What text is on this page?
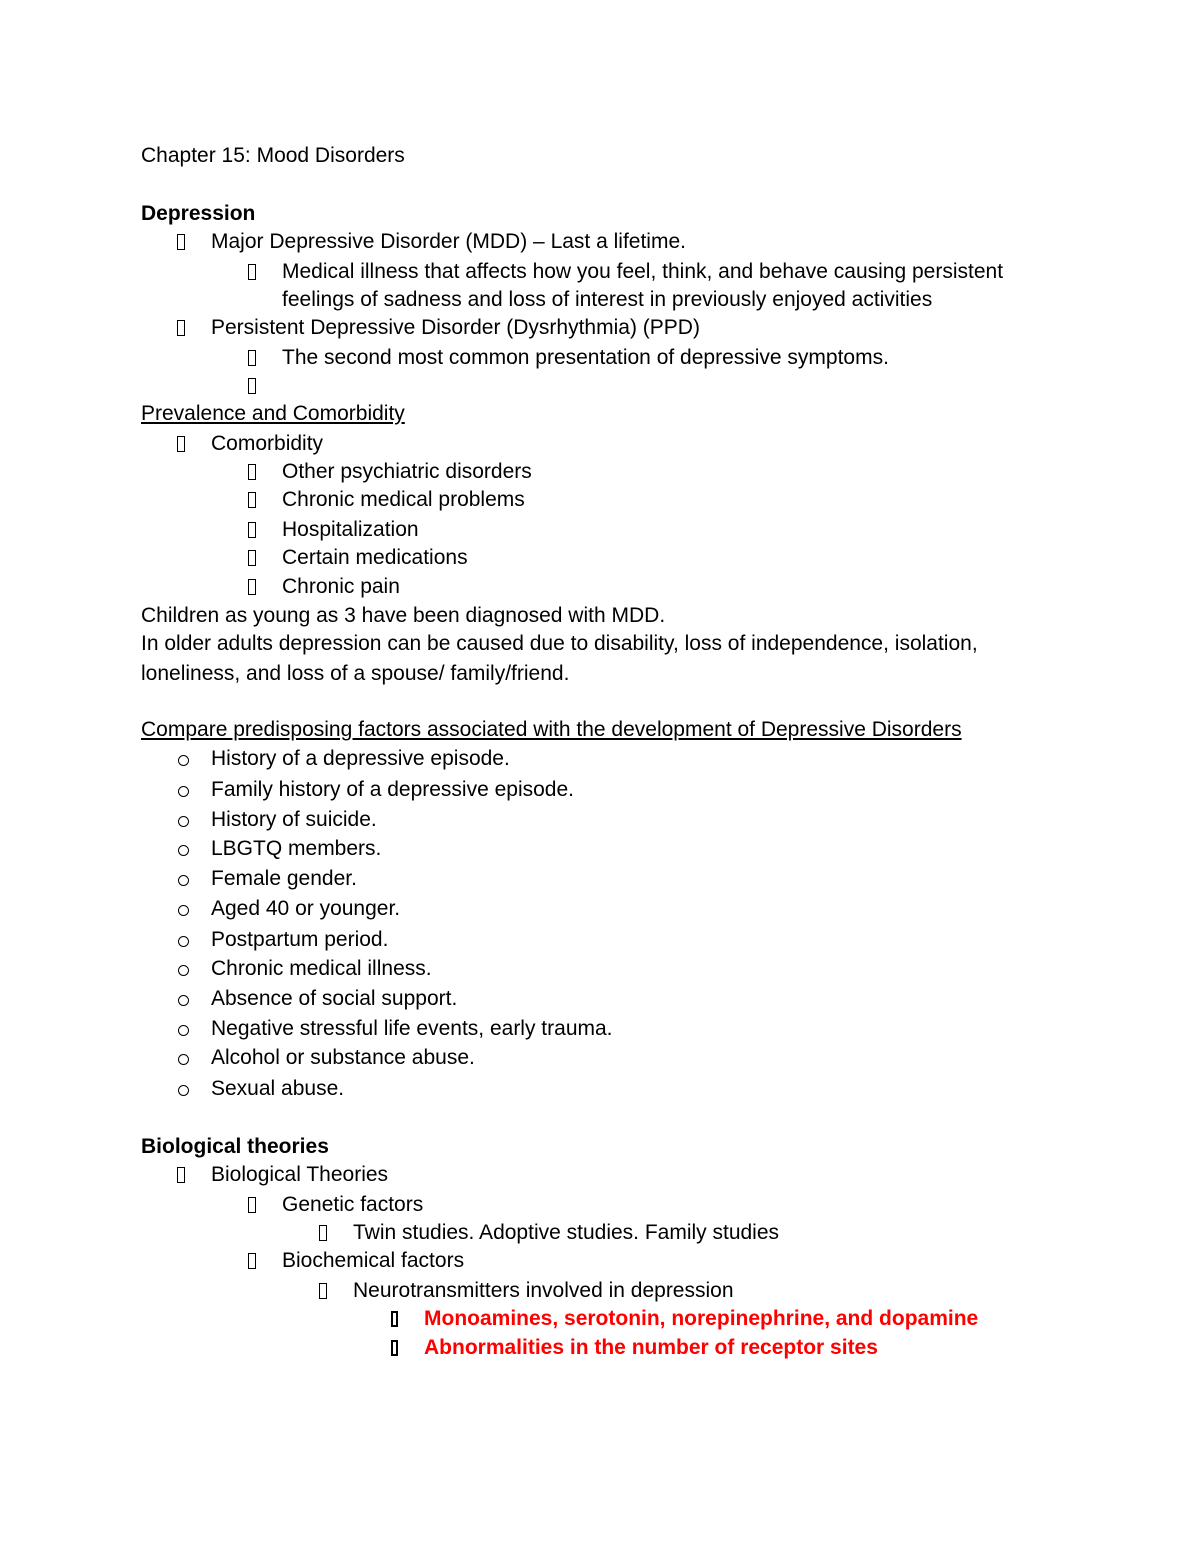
Chapter 15: Mood Disorders
Depression
Major Depressive Disorder (MDD) – Last a lifetime.
Medical illness that affects how you feel, think, and behave causing persistent
feelings of sadness and loss of interest in previously enjoyed activities
Persistent Depressive Disorder (Dysrhythmia) (PPD)
The second most common presentation of depressive symptoms.
Prevalence and Comorbidity
Comorbidity
Other psychiatric disorders
Chronic medical problems
Hospitalization
Certain medications
Chronic pain
Children as young as 3 have been diagnosed with MDD.
In older adults depression can be caused due to disability, loss of independence, isolation,
loneliness, and loss of a spouse/ family/friend.
Compare predisposing factors associated with the development of Depressive Disorders
History of a depressive episode.
Family history of a depressive episode.
History of suicide.
LBGTQ members.
Female gender.
Aged 40 or younger.
Postpartum period.
Chronic medical illness.
Absence of social support.
Negative stressful life events, early trauma.
Alcohol or substance abuse.
Sexual abuse.
Biological theories
Biological Theories
Genetic factors
Twin studies. Adoptive studies. Family studies
Biochemical factors
Neurotransmitters involved in depression
Monoamines, serotonin, norepinephrine, and dopamine
Abnormalities in the number of receptor sites
